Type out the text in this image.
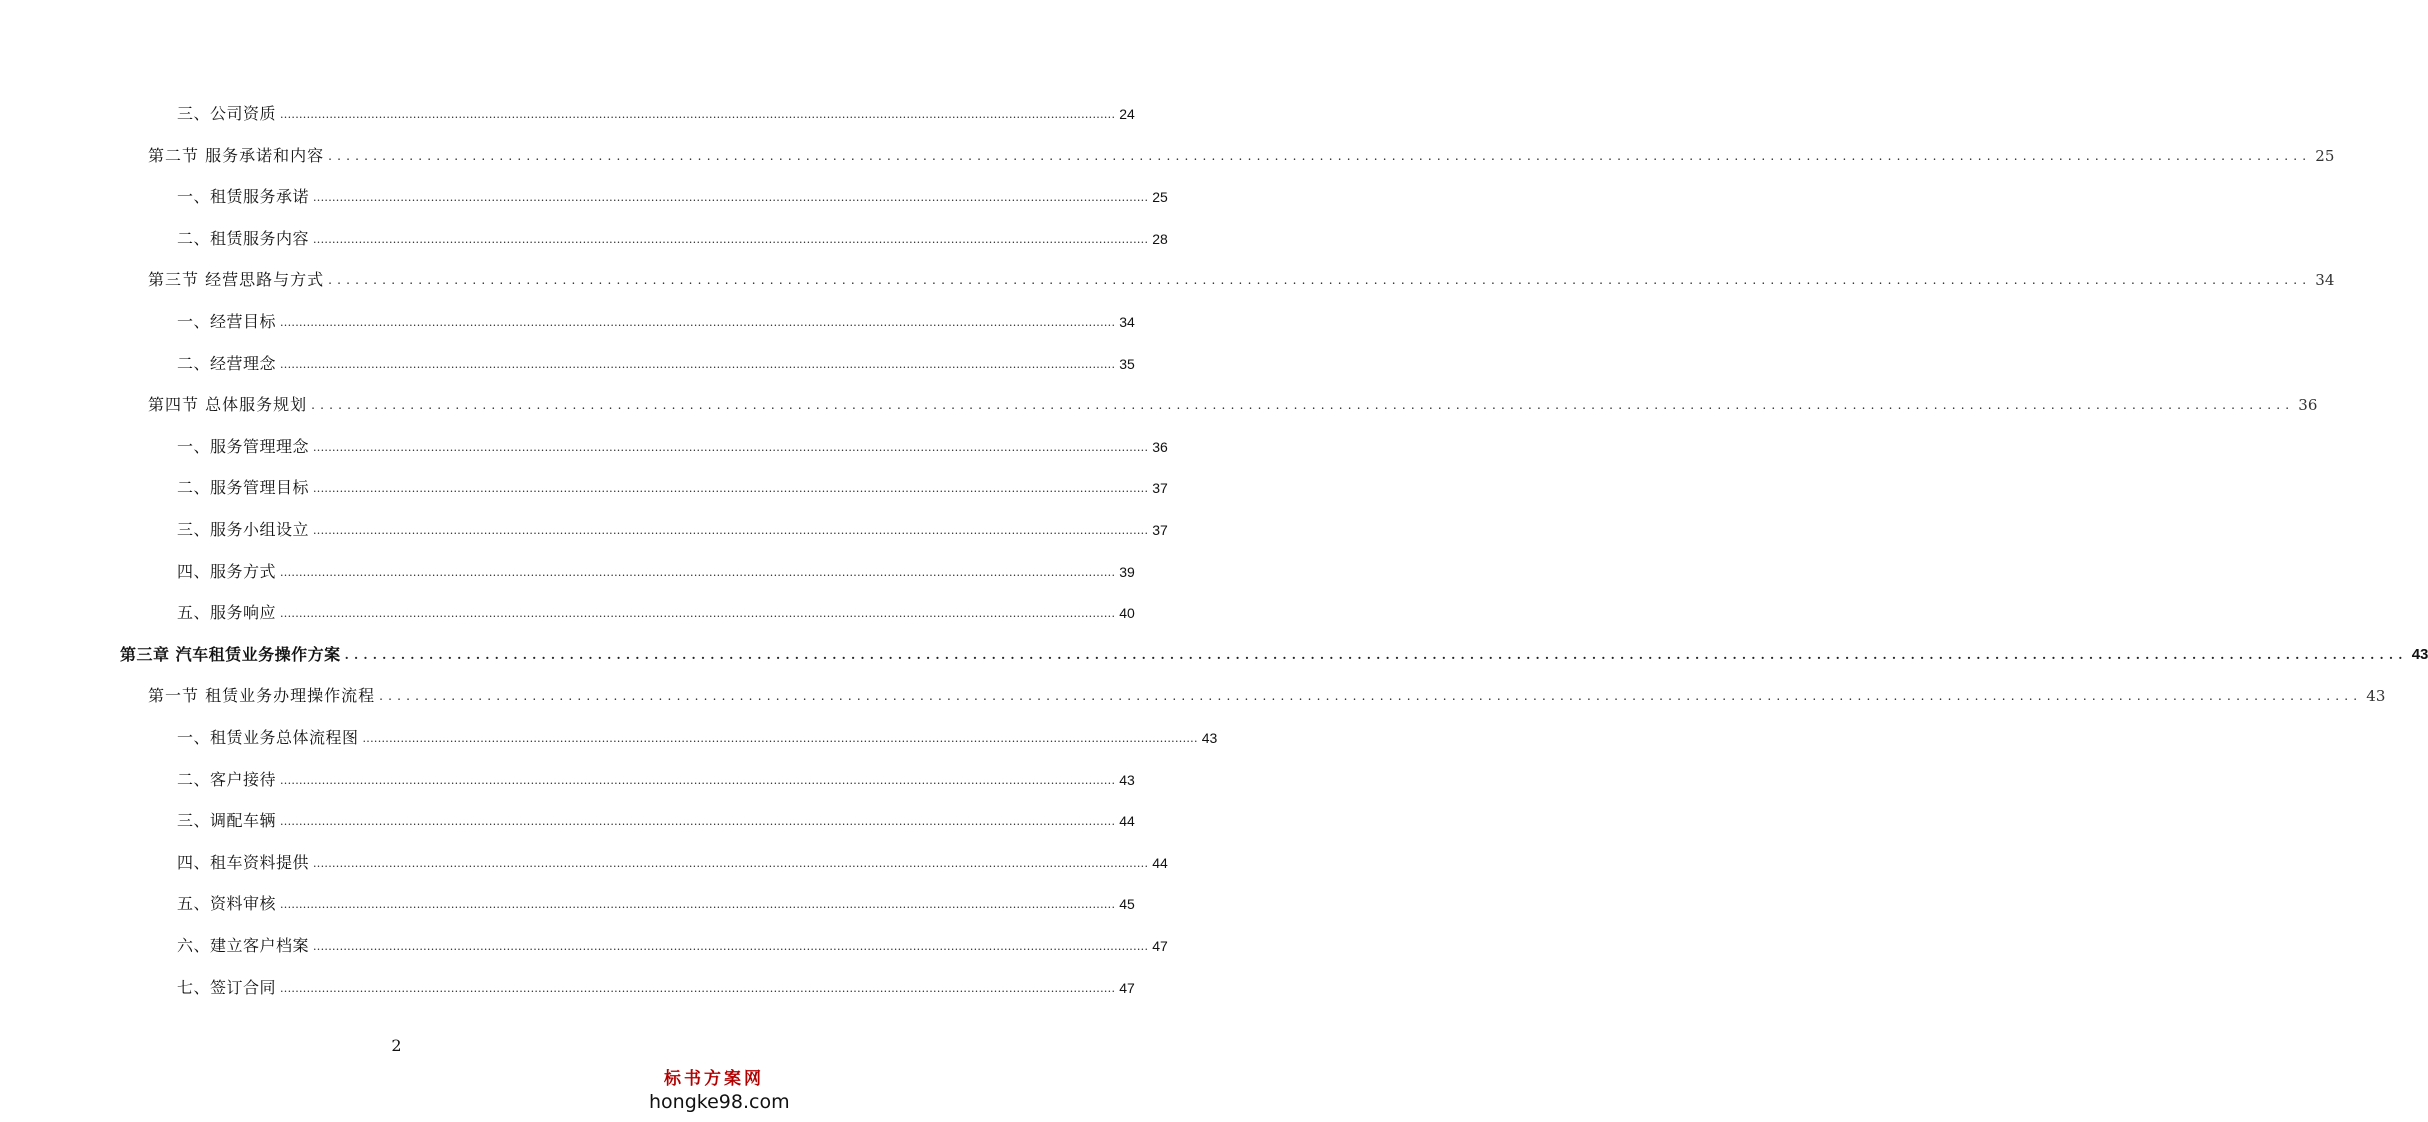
三、公司资质 ............................................................................................................................................................................................................................ 24
第二节 服务承诺和内容 ............................................................................................................................................................................................................................ 25
一、租赁服务承诺 ............................................................................................................................................................................................................................ 25
二、租赁服务内容 ............................................................................................................................................................................................................................ 28
第三节 经营思路与方式 ............................................................................................................................................................................................................................ 34
一、经营目标 ............................................................................................................................................................................................................................ 34
二、经营理念 ............................................................................................................................................................................................................................ 35
第四节 总体服务规划 ............................................................................................................................................................................................................................ 36
一、服务管理理念 ............................................................................................................................................................................................................................ 36
二、服务管理目标 ............................................................................................................................................................................................................................ 37
三、服务小组设立 ............................................................................................................................................................................................................................ 37
四、服务方式 ............................................................................................................................................................................................................................ 39
五、服务响应 ............................................................................................................................................................................................................................ 40
第三章 汽车租赁业务操作方案 ............................................................................................................................................................................................................................ 43
第一节 租赁业务办理操作流程 ............................................................................................................................................................................................................................ 43
一、租赁业务总体流程图 ............................................................................................................................................................................................................................ 43
二、客户接待 ............................................................................................................................................................................................................................ 43
三、调配车辆 ............................................................................................................................................................................................................................ 44
四、租车资料提供 ............................................................................................................................................................................................................................ 44
五、资料审核 ............................................................................................................................................................................................................................ 45
六、建立客户档案 ............................................................................................................................................................................................................................ 47
七、签订合同 ............................................................................................................................................................................................................................ 47
2
标书方案网
hongke98.com
